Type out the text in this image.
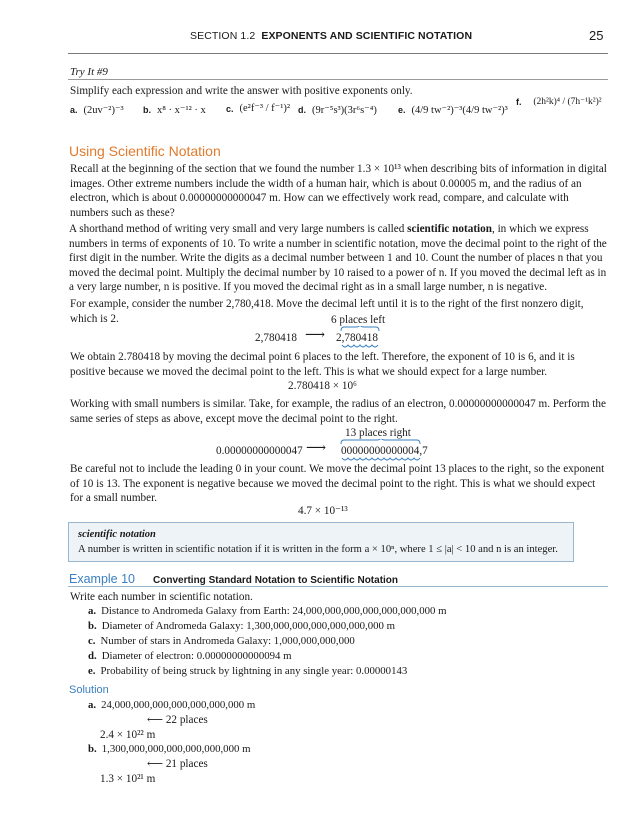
SECTION 1.2 EXPONENTS AND SCIENTIFIC NOTATION	25
Try It #9
Simplify each expression and write the answer with positive exponents only.
a. (2uv⁻²)⁻³ b. x⁸ · x⁻¹² · x c. (e²f⁻³ / f⁻¹)² d. (9r⁻⁵s³)(3r⁶s⁻⁴) e. (4/9 tw⁻²)⁻³(4/9 tw⁻²)³
f. (2h²k)⁴ / (7h⁻¹k²)²
Using Scientific Notation
Recall at the beginning of the section that we found the number 1.3 × 10¹³ when describing bits of information in digital images. Other extreme numbers include the width of a human hair, which is about 0.00005 m, and the radius of an electron, which is about 0.00000000000047 m. How can we effectively work read, compare, and calculate with numbers such as these?
A shorthand method of writing very small and very large numbers is called scientific notation, in which we express numbers in terms of exponents of 10. To write a number in scientific notation, move the decimal point to the right of the first digit in the number. Write the digits as a decimal number between 1 and 10. Count the number of places n that you moved the decimal point. Multiply the decimal number by 10 raised to a power of n. If you moved the decimal left as in a very large number, n is positive. If you moved the decimal right as in a small large number, n is negative.
For example, consider the number 2,780,418. Move the decimal left until it is to the right of the first nonzero digit, which is 2.	6 places left
2,780418 ⟶ 2,780418
We obtain 2.780418 by moving the decimal point 6 places to the left. Therefore, the exponent of 10 is 6, and it is positive because we moved the decimal point to the left. This is what we should expect for a large number.
2.780418 × 10⁶
Working with small numbers is similar. Take, for example, the radius of an electron, 0.00000000000047 m. Perform the same series of steps as above, except move the decimal point to the right.
13 places right
0.00000000000047 ⟶ 00000000000004,7
Be careful not to include the leading 0 in your count. We move the decimal point 13 places to the right, so the exponent of 10 is 13. The exponent is negative because we moved the decimal point to the right. This is what we should expect for a small number.
4.7 × 10⁻¹³
scientific notation
A number is written in scientific notation if it is written in the form a × 10ⁿ, where 1 ≤ |a| < 10 and n is an integer.
Example 10 Converting Standard Notation to Scientific Notation
Write each number in scientific notation.
a. Distance to Andromeda Galaxy from Earth: 24,000,000,000,000,000,000,000 m
b. Diameter of Andromeda Galaxy: 1,300,000,000,000,000,000,000 m
c. Number of stars in Andromeda Galaxy: 1,000,000,000,000
d. Diameter of electron: 0.00000000000094 m
e. Probability of being struck by lightning in any single year: 0.00000143
Solution
a. 24,000,000,000,000,000,000,000 m
⟵ 22 places
2.4 × 10²² m
b. 1,300,000,000,000,000,000,000 m
⟵ 21 places
1.3 × 10²¹ m
